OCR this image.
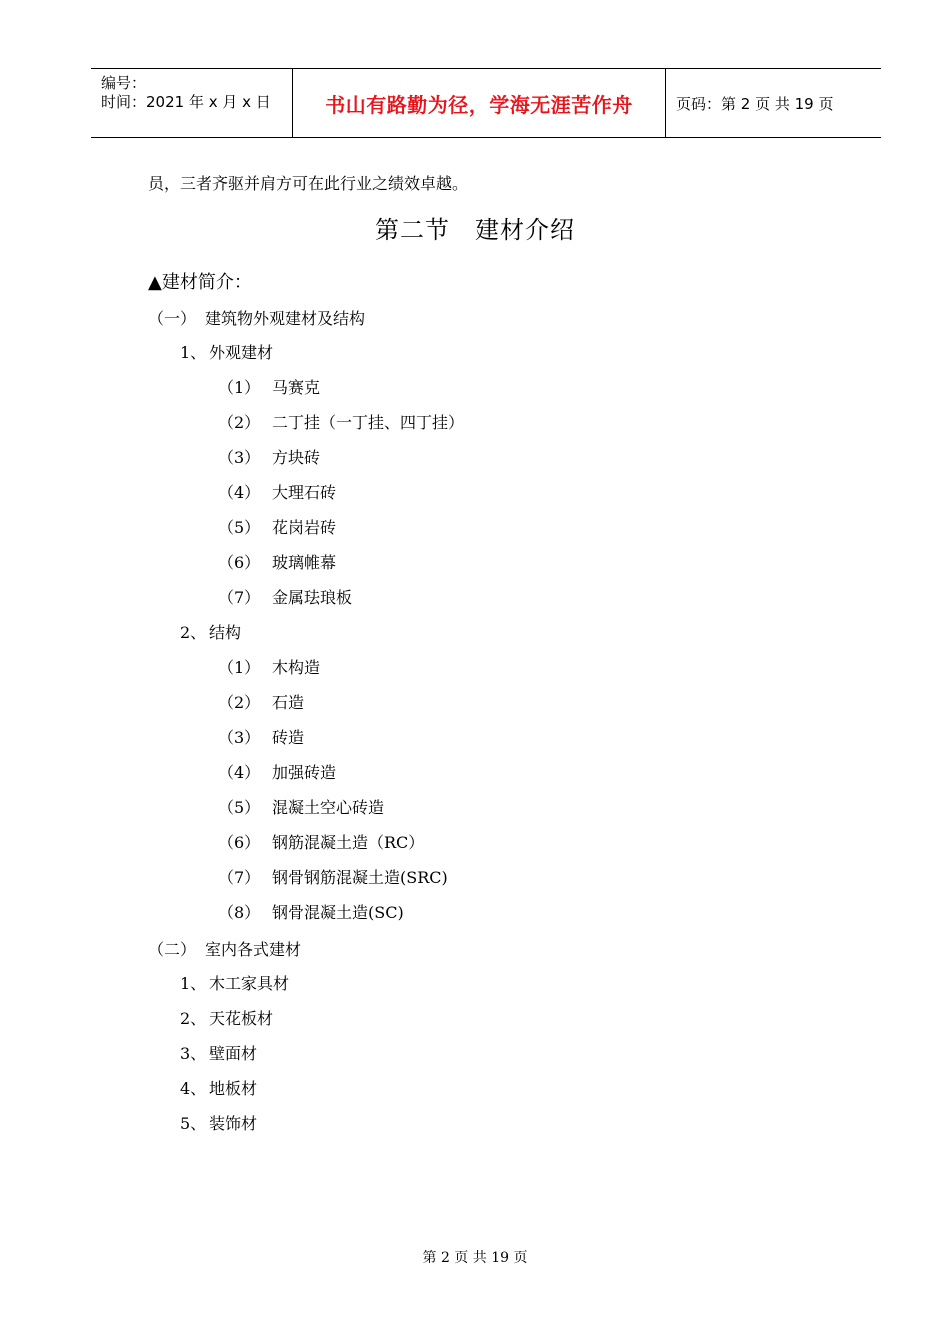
编号：
时间：2021 年 x 月 x 日	书山有路勤为径，学海无涯苦作舟	页码：第 2 页 共 19 页
员，三者齐驱并肩方可在此行业之绩效卓越。
第二节　建材介绍
▲建材简介：
（一） 建筑物外观建材及结构
1、 外观建材
（1） 马赛克
（2） 二丁挂（一丁挂、四丁挂）
（3） 方块砖
（4） 大理石砖
（5） 花岗岩砖
（6） 玻璃帷幕
（7） 金属珐琅板
2、 结构
（1） 木构造
（2） 石造
（3） 砖造
（4） 加强砖造
（5） 混凝土空心砖造
（6） 钢筋混凝土造（RC）
（7） 钢骨钢筋混凝土造(SRC)
（8） 钢骨混凝土造(SC)
（二） 室内各式建材
1、 木工家具材
2、 天花板材
3、 壁面材
4、 地板材
5、 装饰材
第 2 页 共 19 页
